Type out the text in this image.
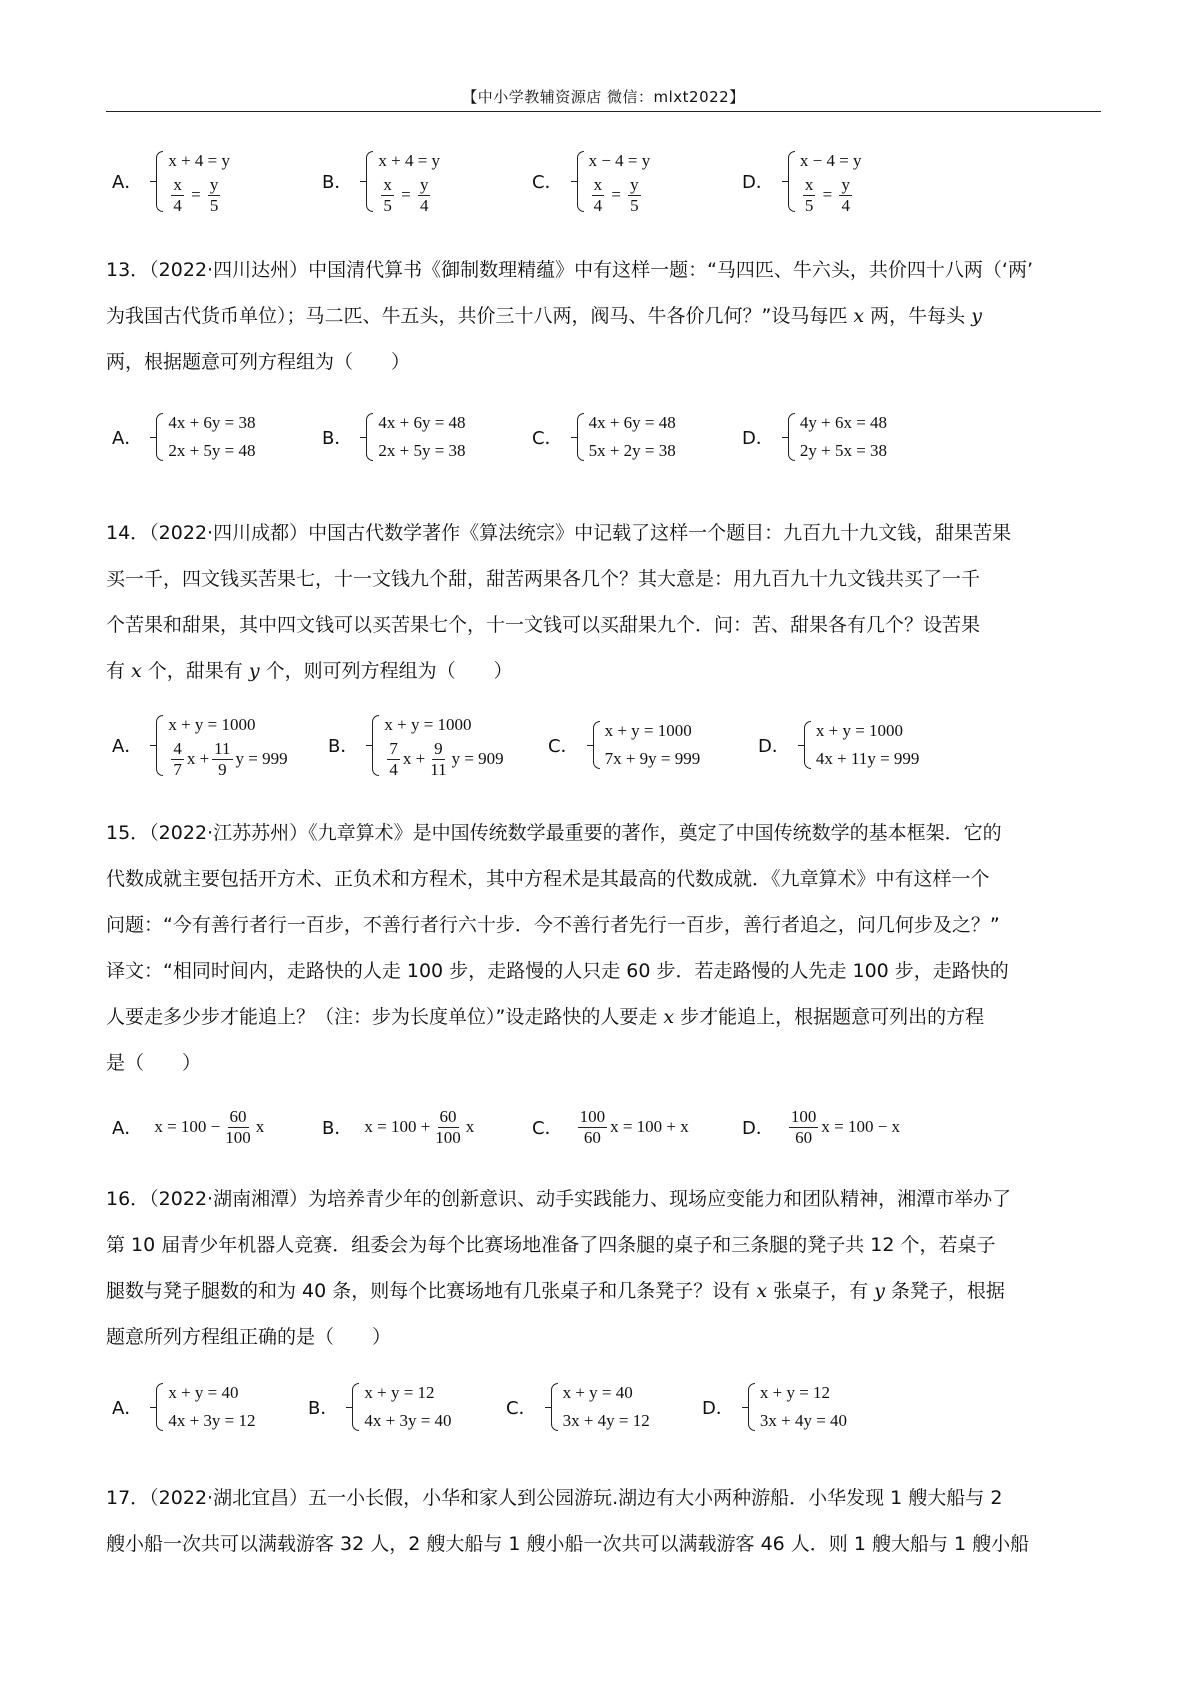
【中小学教辅资源店 微信：mlxt2022】
A．
x + 4 = y
$\frac{x}{4} = \frac{y}{5}$	B．
x + 4 = y
$\frac{x}{5} = \frac{y}{4}$	C．
x − 4 = y
$\frac{x}{4} = \frac{y}{5}$	D．
x − 4 = y
$\frac{x}{5} = \frac{y}{4}$

13．（2022·四川达州）中国清代算书《御制数理精蕴》中有这样一题：“马四匹、牛六头，共价四十八两（‘两’

为我国古代货币单位）；马二匹、牛五头，共价三十八两，阀马、牛各价几何？”设马每匹 x 两，牛每头 y

两，根据题意可列方程组为（　　）

A．
4x + 6y = 38
2x + 5y = 48
B．
4x + 6y = 48
2x + 5y = 38
C．
4x + 6y = 48
5x + 2y = 38
D．
4y + 6x = 48
2y + 5x = 38

14．（2022·四川成都）中国古代数学著作《算法统宗》中记载了这样一个题目：九百九十九文钱，甜果苦果

买一千，四文钱买苦果七，十一文钱九个甜，甜苦两果各几个？其大意是：用九百九十九文钱共买了一千

个苦果和甜果，其中四文钱可以买苦果七个，十一文钱可以买甜果九个．问：苦、甜果各有几个？设苦果

有 x 个，甜果有 y 个，则可列方程组为（　　）

A．
x + y = 1000
$\frac{4}{7}$ $x + \frac{11}{9}$ y = 999
B．
x + y = 1000
$\frac{7}{4}$ $x + \frac{9}{11}$ y = 909
C．
x + y = 1000
7x + 9y = 999
D．
x + y = 1000
4x + 11y = 999

15．（2022·江苏苏州）《九章算术》是中国传统数学最重要的著作，奠定了中国传统数学的基本框架．它的

代数成就主要包括开方术、正负术和方程术，其中方程术是其最高的代数成就．《九章算术》中有这样一个

问题：“今有善行者行一百步，不善行者行六十步．今不善行者先行一百步，善行者追之，问几何步及之？”

译文：“相同时间内，走路快的人走 100 步，走路慢的人只走 60 步．若走路慢的人先走 100 步，走路快的

人要走多少步才能追上？（注：步为长度单位）”设走路快的人要走 x 步才能追上，根据题意可列出的方程

是（　　）

A． $x = 100 - \frac{60}{100}$ x	B． $x = 100 + \frac{60}{100}$ x	C． $\frac{100}{60}$ x = 100 + x	D． $\frac{100}{60}$ x = 100 − x

16．（2022·湖南湘潭）为培养青少年的创新意识、动手实践能力、现场应变能力和团队精神，湘潭市举办了

第 10 届青少年机器人竞赛．组委会为每个比赛场地准备了四条腿的桌子和三条腿的凳子共 12 个，若桌子

腿数与凳子腿数的和为 40 条，则每个比赛场地有几张桌子和几条凳子？设有 x 张桌子，有 y 条凳子，根据

题意所列方程组正确的是（　　）

A．
x + y = 40
4x + 3y = 12
B．
x + y = 12
4x + 3y = 40
C．
x + y = 40
3x + 4y = 12
D．
x + y = 12
3x + 4y = 40

17．（2022·湖北宜昌）五一小长假，小华和家人到公园游玩.湖边有大小两种游船．小华发现 1 艘大船与 2

艘小船一次共可以满载游客 32 人，2 艘大船与 1 艘小船一次共可以满载游客 46 人．则 1 艘大船与 1 艘小船
